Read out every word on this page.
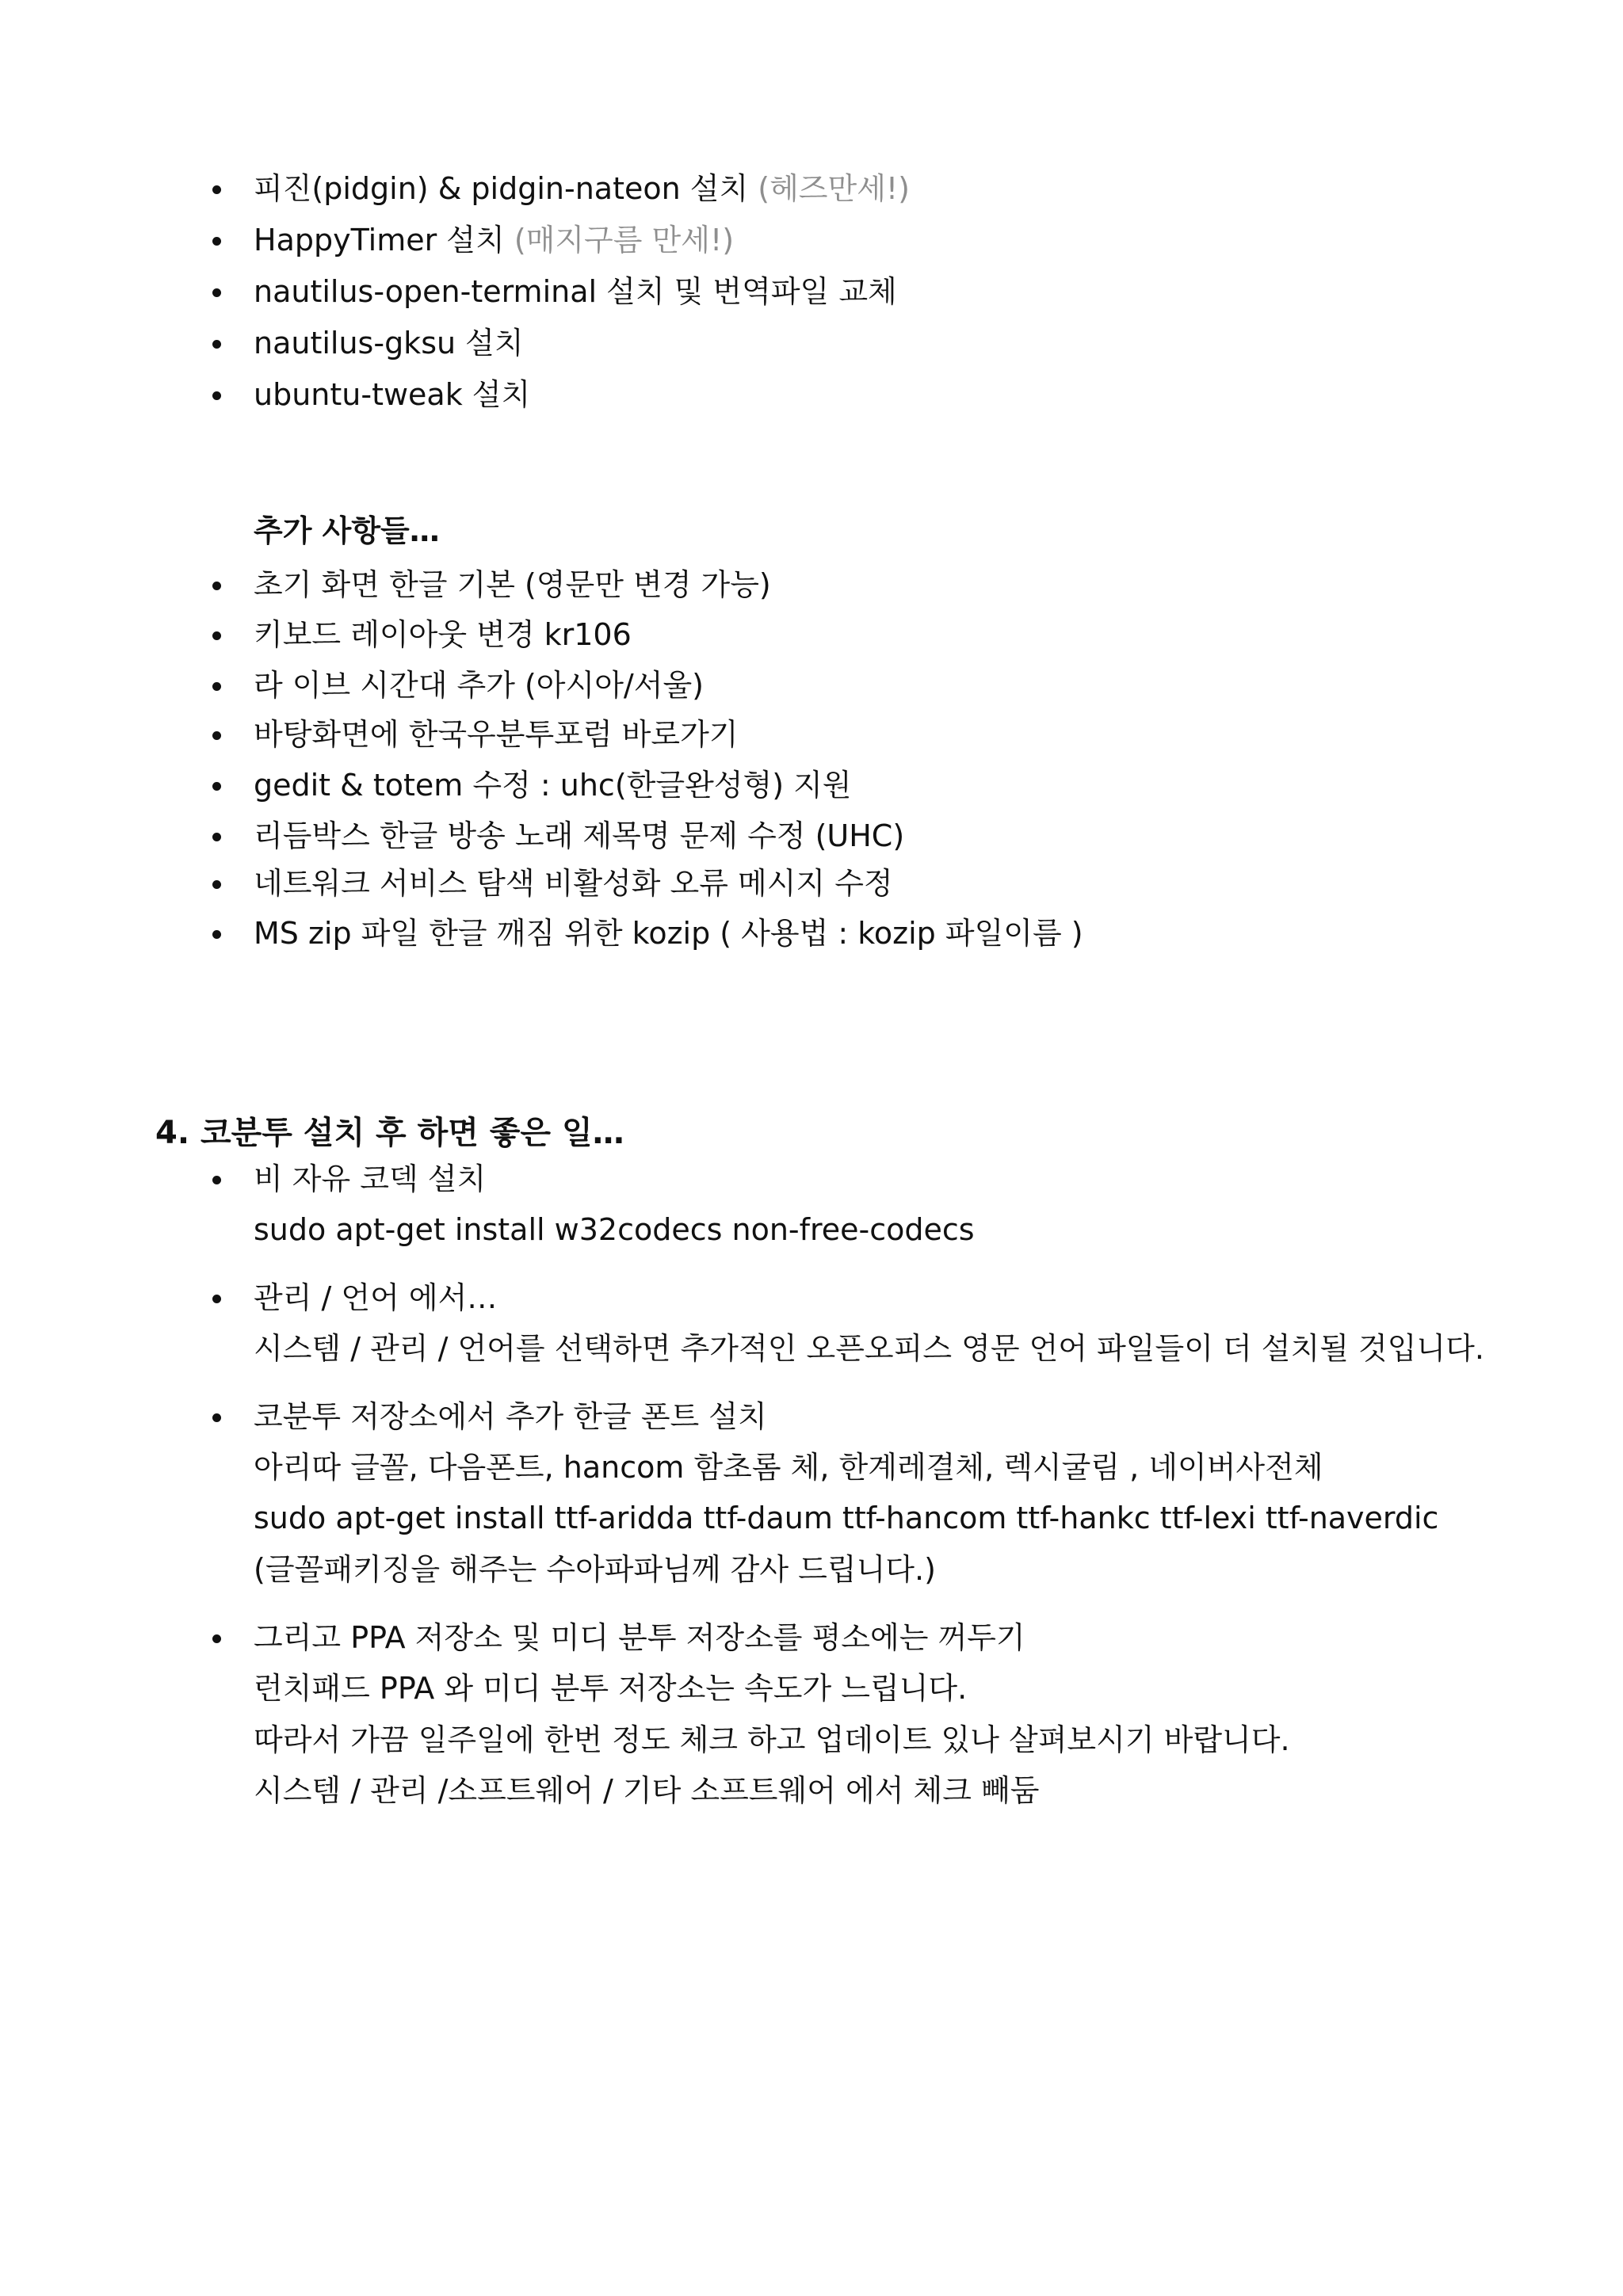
피진(pidgin) & pidgin-nateon 설치 (헤즈만세!)
HappyTimer 설치 (매지구름 만세!)
nautilus-open-terminal 설치 및 번역파일 교체
nautilus-gksu 설치
ubuntu-tweak 설치
추가 사항들…
초기 화면 한글 기본 (영문만 변경 가능)
키보드 레이아웃 변경 kr106
라 이브 시간대 추가 (아시아/서울)
바탕화면에 한국우분투포럼 바로가기
gedit & totem 수정 : uhc(한글완성형) 지원
리듬박스 한글 방송 노래 제목명 문제 수정 (UHC)
네트워크 서비스 탐색 비활성화 오류 메시지 수정
MS zip 파일 한글 깨짐 위한 kozip ( 사용법 : kozip 파일이름 )
4. 코분투 설치 후 하면 좋은 일…
비 자유 코덱 설치
sudo apt-get install w32codecs non-free-codecs
관리 / 언어 에서…
시스템 / 관리 / 언어를 선택하면 추가적인 오픈오피스 영문 언어 파일들이 더 설치될 것입니다.
코분투 저장소에서 추가 한글 폰트 설치
아리따 글꼴, 다음폰트, hancom 함초롬 체, 한계레결체, 렉시굴림 , 네이버사전체
sudo apt-get install ttf-aridda ttf-daum ttf-hancom ttf-hankc ttf-lexi ttf-naverdic
(글꼴패키징을 해주는 수아파파님께 감사 드립니다.)
그리고 PPA 저장소 및 미디 분투 저장소를 평소에는 꺼두기
런치패드 PPA 와 미디 분투 저장소는 속도가 느립니다.
따라서 가끔 일주일에 한번 정도 체크 하고 업데이트 있나 살펴보시기 바랍니다.
시스템 / 관리 /소프트웨어 / 기타 소프트웨어 에서 체크 빼둠
